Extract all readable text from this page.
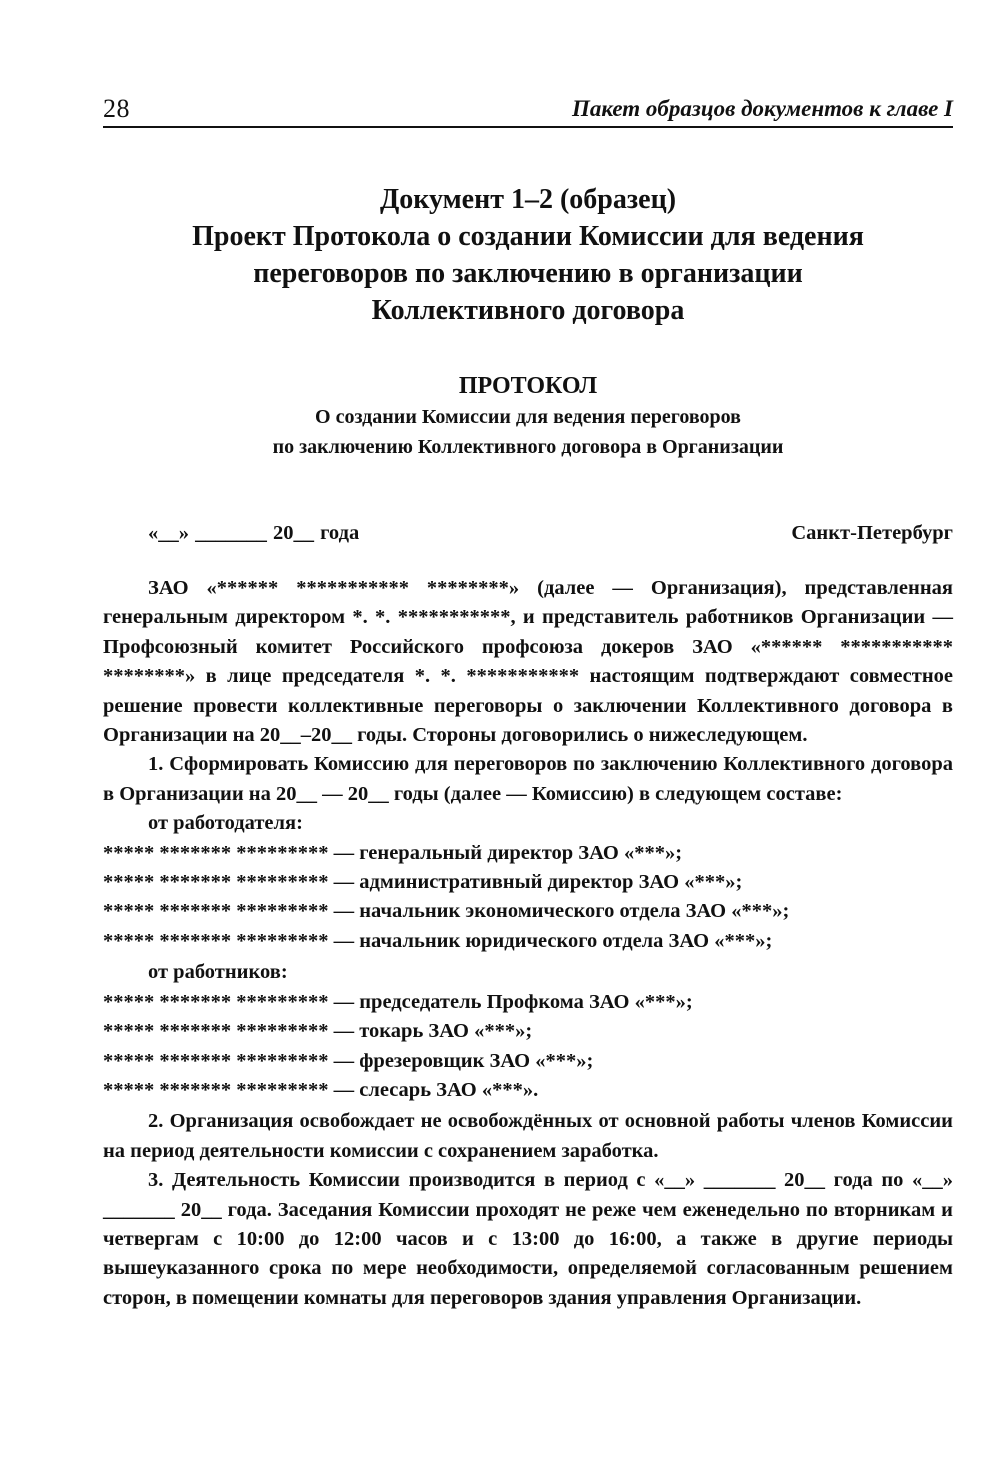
28	Пакет образцов документов к главе I
Документ 1–2 (образец)
Проект Протокола о создании Комиссии для ведения
переговоров по заключению в организации
Коллективного договора
ПРОТОКОЛ
О создании Комиссии для ведения переговоров
по заключению Коллективного договора в Организации
«__» _______ 20__ года	Санкт-Петербург

ЗАО «****** *********** ********» (далее — Организация), представленная генеральным директором *. *. ***********, и представитель работников Организации — Профсоюзный комитет Российского профсоюза докеров ЗАО «****** *********** ********» в лице председателя *. *. *********** настоящим подтверждают совместное решение провести коллективные переговоры о заключении Коллективного договора в Организации на 20__–20__ годы. Стороны договорились о нижеследующем.

1. Сформировать Комиссию для переговоров по заключению Коллективного договора в Организации на 20__ — 20__ годы (далее — Комиссию) в следующем составе:

от работодателя:
***** ******* ********* — генеральный директор ЗАО «***»;
***** ******* ********* — административный директор ЗАО «***»;
***** ******* ********* — начальник экономического отдела ЗАО «***»;
***** ******* ********* — начальник юридического отдела ЗАО «***»;
от работников:
***** ******* ********* — председатель Профкома ЗАО «***»;
***** ******* ********* — токарь ЗАО «***»;
***** ******* ********* — фрезеровщик ЗАО «***»;
***** ******* ********* — слесарь ЗАО «***».

2. Организация освобождает не освобождённых от основной работы членов Комиссии на период деятельности комиссии с сохранением заработка.

3. Деятельность Комиссии производится в период с «__» _______ 20__ года по «__» _______ 20__ года. Заседания Комиссии проходят не реже чем еженедельно по вторникам и четвергам с 10:00 до 12:00 часов и с 13:00 до 16:00, а также в другие периоды вышеуказанного срока по мере необходимости, определяемой согласованным решением сторон, в помещении комнаты для переговоров здания управления Организации.
